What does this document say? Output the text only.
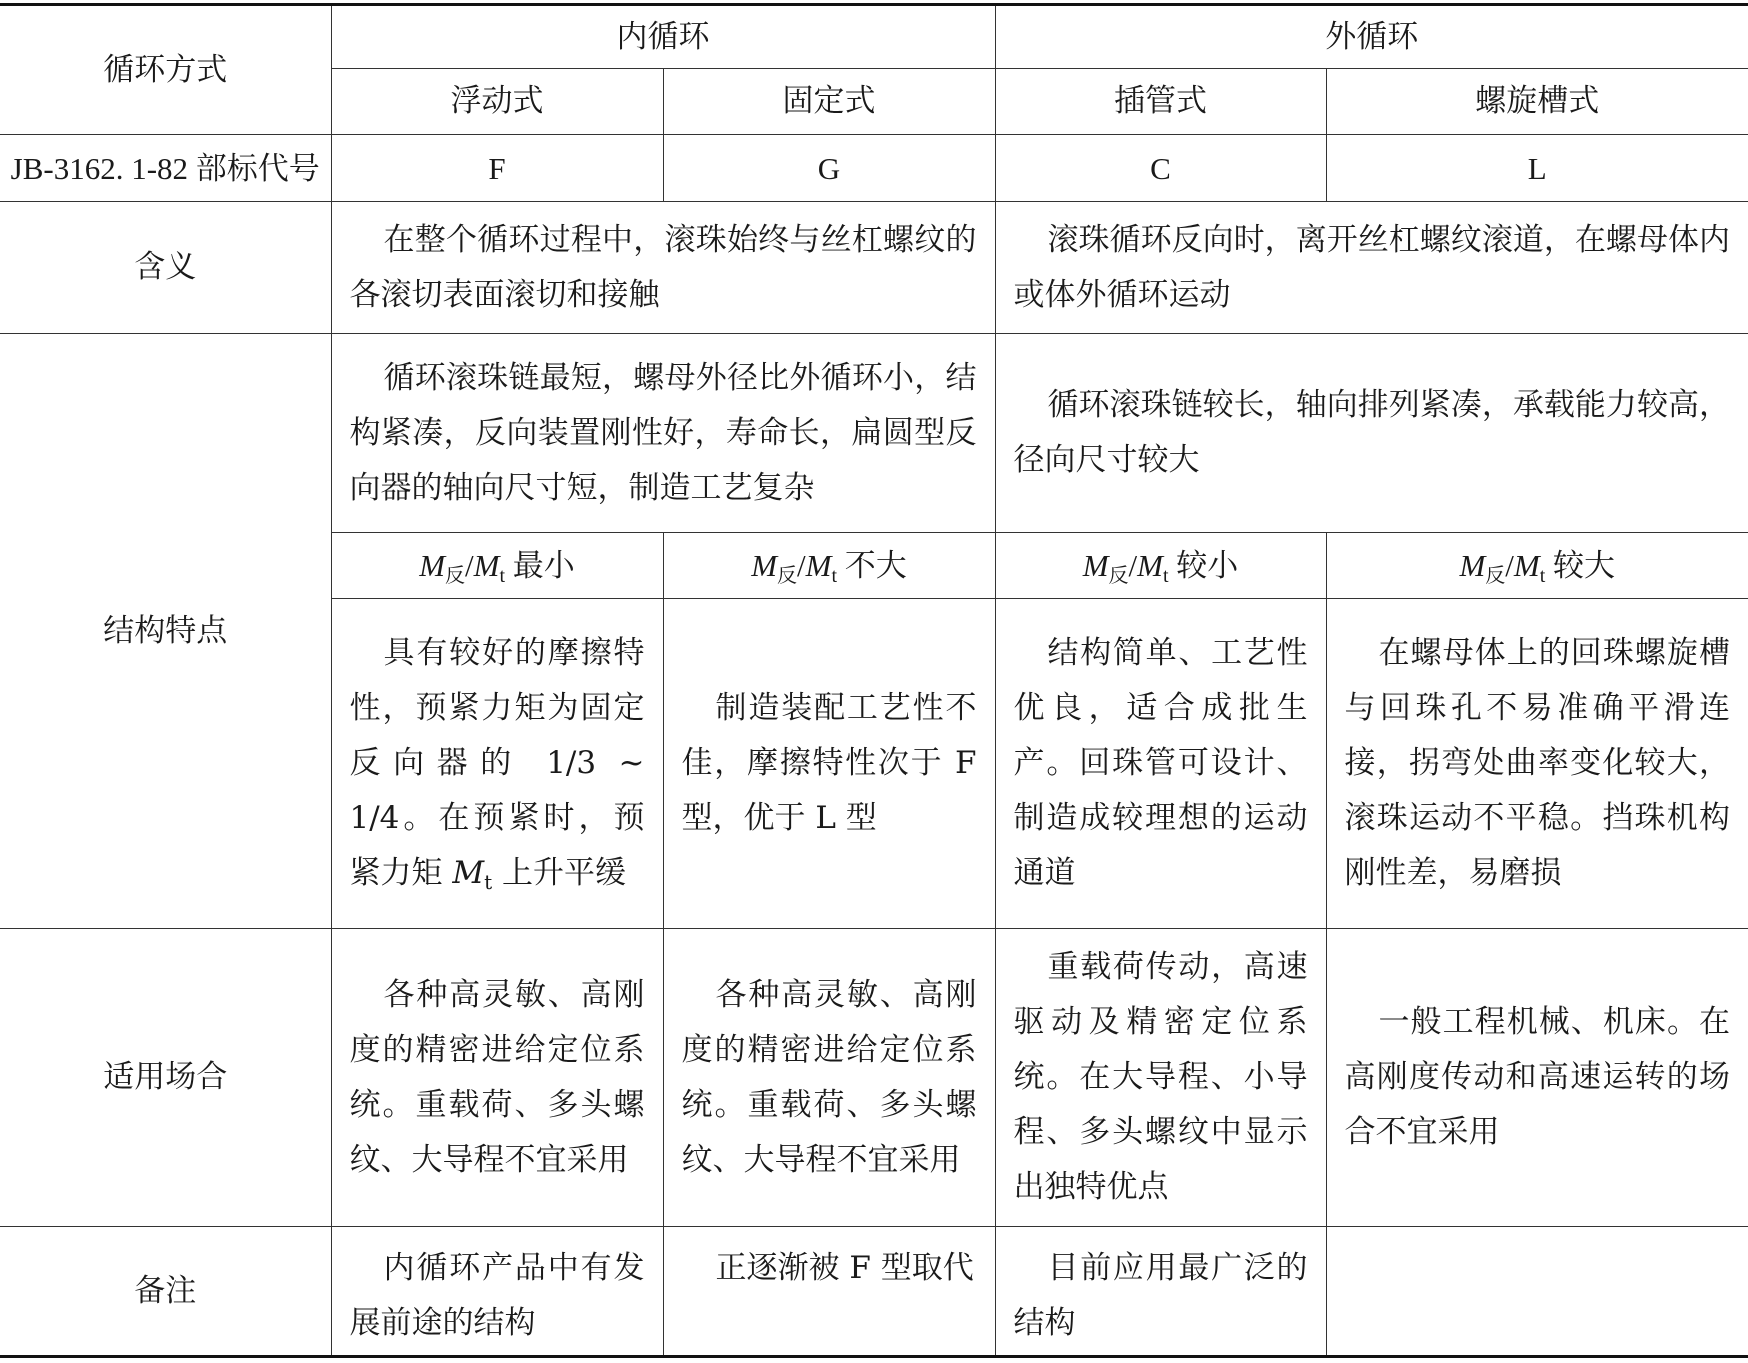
循环方式	内循环		外循环	
	浮动式	固定式	插管式	螺旋槽式
JB-3162. 1-82 部标代号	F	G	C	L
含义	在整个循环过程中，滚珠始终与丝杠螺纹的各滚切表面滚切和接触		滚珠循环反向时，离开丝杠螺纹滚道，在螺母体内或体外循环运动	
结构特点	循环滚珠链最短，螺母外径比外循环小，结构紧凑，反向装置刚性好，寿命长，扁圆型反向器的轴向尺寸短，制造工艺复杂		循环滚珠链较长，轴向排列紧凑，承载能力较高，径向尺寸较大	
	$M_反/M_t$ 最小	$M_反/M_t$ 不大	$M_反/M_t$ 较小	$M_反/M_t$ 较大
	具有较好的摩擦特性，预紧力矩为固定反向器的 1/3 ~ 1/4。在预紧时，预紧力矩 $M_t$ 上升平缓	制造装配工艺性不佳，摩擦特性次于 F 型，优于 L 型	结构简单、工艺性优良，适合成批生产。回珠管可设计、制造成较理想的运动通道	在螺母体上的回珠螺旋槽与回珠孔不易准确平滑连接，拐弯处曲率变化较大，滚珠运动不平稳。挡珠机构刚性差，易磨损
适用场合	各种高灵敏、高刚度的精密进给定位系统。重载荷、多头螺纹、大导程不宜采用	各种高灵敏、高刚度的精密进给定位系统。重载荷、多头螺纹、大导程不宜采用	重载荷传动，高速驱动及精密定位系统。在大导程、小导程、多头螺纹中显示出独特优点	一般工程机械、机床。在高刚度传动和高速运转的场合不宜采用
备注	内循环产品中有发展前途的结构	正逐渐被 F 型取代	目前应用最广泛的结构	
